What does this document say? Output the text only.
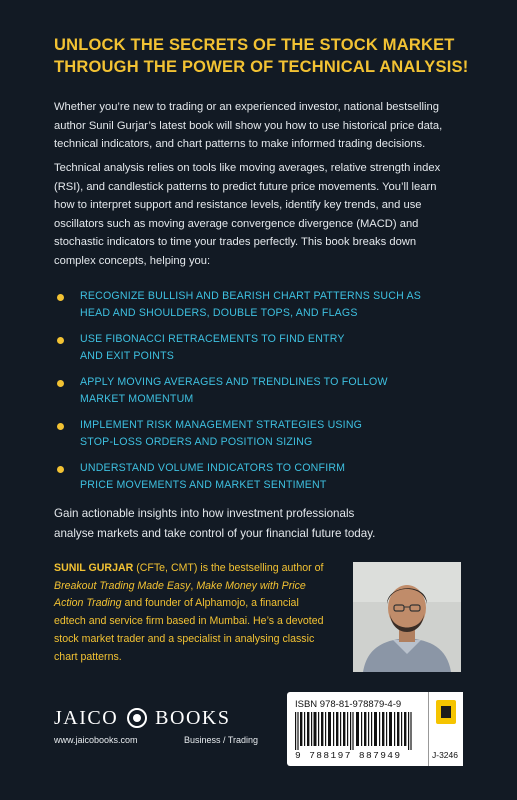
UNLOCK THE SECRETS OF THE STOCK MARKET
THROUGH THE POWER OF TECHNICAL ANALYSIS!
Whether you’re new to trading or an experienced investor, national bestselling
author Sunil Gurjar’s latest book will show you how to use historical price data,
technical indicators, and chart patterns to make informed trading decisions.
Technical analysis relies on tools like moving averages, relative strength index
(RSI), and candlestick patterns to predict future price movements. You’ll learn
how to interpret support and resistance levels, identify key trends, and use
oscillators such as moving average convergence divergence (MACD) and
stochastic indicators to time your trades perfectly. This book breaks down
complex concepts, helping you:
RECOGNIZE BULLISH AND BEARISH CHART PATTERNS SUCH AS
HEAD AND SHOULDERS, DOUBLE TOPS, AND FLAGS
USE FIBONACCI RETRACEMENTS TO FIND ENTRY
AND EXIT POINTS
APPLY MOVING AVERAGES AND TRENDLINES TO FOLLOW
MARKET MOMENTUM
IMPLEMENT RISK MANAGEMENT STRATEGIES USING
STOP-LOSS ORDERS AND POSITION SIZING
UNDERSTAND VOLUME INDICATORS TO CONFIRM
PRICE MOVEMENTS AND MARKET SENTIMENT
Gain actionable insights into how investment professionals
analyse markets and take control of your financial future today.
SUNIL GURJAR (CFTe, CMT) is the bestselling author of
Breakout Trading Made Easy, Make Money with Price
Action Trading and founder of Alphamojo, a financial
edtech and service firm based in Mumbai. He’s a devoted
stock market trader and a specialist in analysing classic
chart patterns.
JAICO BOOKS
www.jaicobooks.com	Business / Trading
ISBN 978-81-978879-4-9
9 788197 887949	J-3246
